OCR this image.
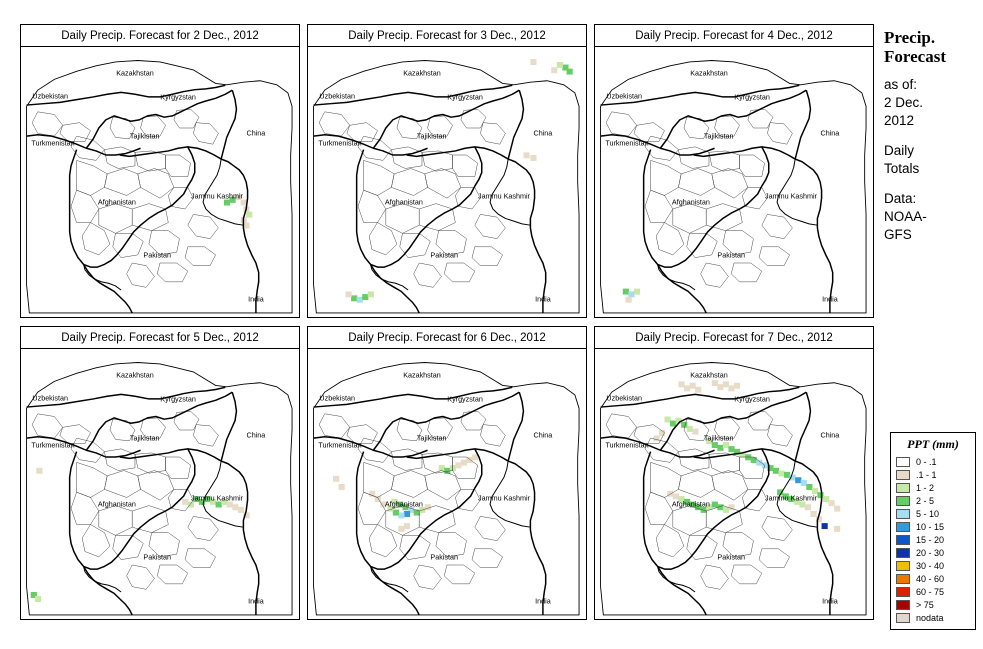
Daily Precip. Forecast for 2 Dec., 2012
Kazakhstan
Uzbekistan	Kyrgyzstan
Tajikistan
Turkmenistan
China
Jammu Kashmir
Afghanistan
Pakistan
India
Daily Precip. Forecast for 3 Dec., 2012
Kazakhstan
Uzbekistan	Kyrgyzstan
Tajikistan
Turkmenistan
China
Jammu Kashmir
Afghanistan
Pakistan
India
Daily Precip. Forecast for 4 Dec., 2012
Kazakhstan
Uzbekistan	Kyrgyzstan
Tajikistan
Turkmenistan
China
Jammu Kashmir
Afghanistan
Pakistan
India
Daily Precip. Forecast for 5 Dec., 2012
Kazakhstan
Uzbekistan	Kyrgyzstan
Tajikistan
Turkmenistan
China
Jammu Kashmir
Afghanistan
Pakistan
India
Daily Precip. Forecast for 6 Dec., 2012
Kazakhstan
Uzbekistan	Kyrgyzstan
Tajikistan
Turkmenistan
China
Jammu Kashmir
Afghanistan
Pakistan
India
Daily Precip. Forecast for 7 Dec., 2012
Kazakhstan
Uzbekistan	Kyrgyzstan
Tajikistan
Turkmenistan
China
Jammu Kashmir
Afghanistan
Pakistan
India
Precip.
Forecast
as of:
2 Dec.
2012
Daily
Totals
Data:
NOAA-
GFS
PPT (mm)
0 - .1
.1 - 1
1 - 2
2 - 5
5 - 10
10 - 15
15 - 20
20 - 30
30 - 40
40 - 60
60 - 75
> 75
nodata
